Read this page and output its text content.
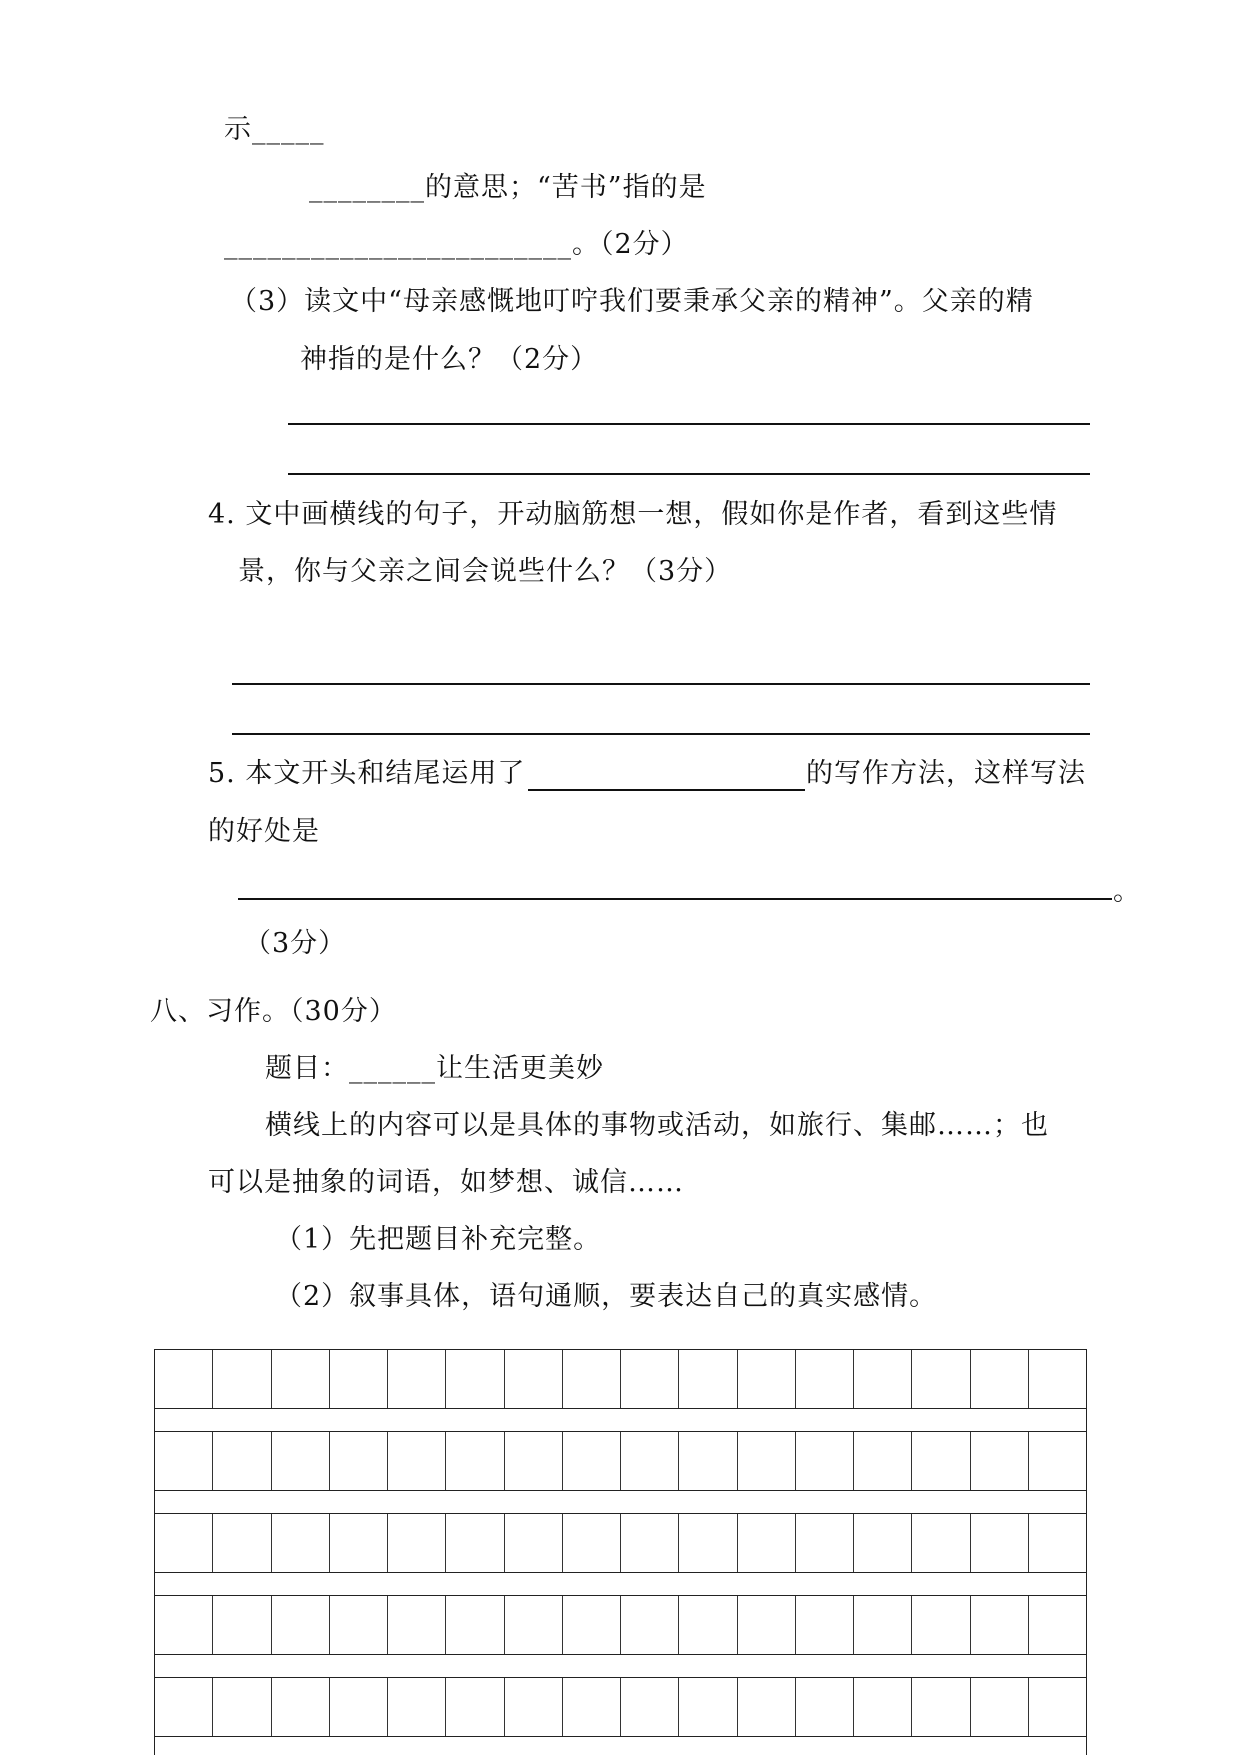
示_____
________的意思；“苦书”指的是
________________________。（2分）
（3）读文中“母亲感慨地叮咛我们要秉承父亲的精神”。父亲的精
神指的是什么？（2分）
4. 文中画横线的句子，开动脑筋想一想，假如你是作者，看到这些情
景，你与父亲之间会说些什么？（3分）
5. 本文开头和结尾运用了	的写作方法，这样写法
的好处是
。
（3分）
八、习作。（30分）
题目：______让生活更美妙
横线上的内容可以是具体的事物或活动，如旅行、集邮……；也
可以是抽象的词语，如梦想、诚信……
（1）先把题目补充完整。
（2）叙事具体，语句通顺，要表达自己的真实感情。
